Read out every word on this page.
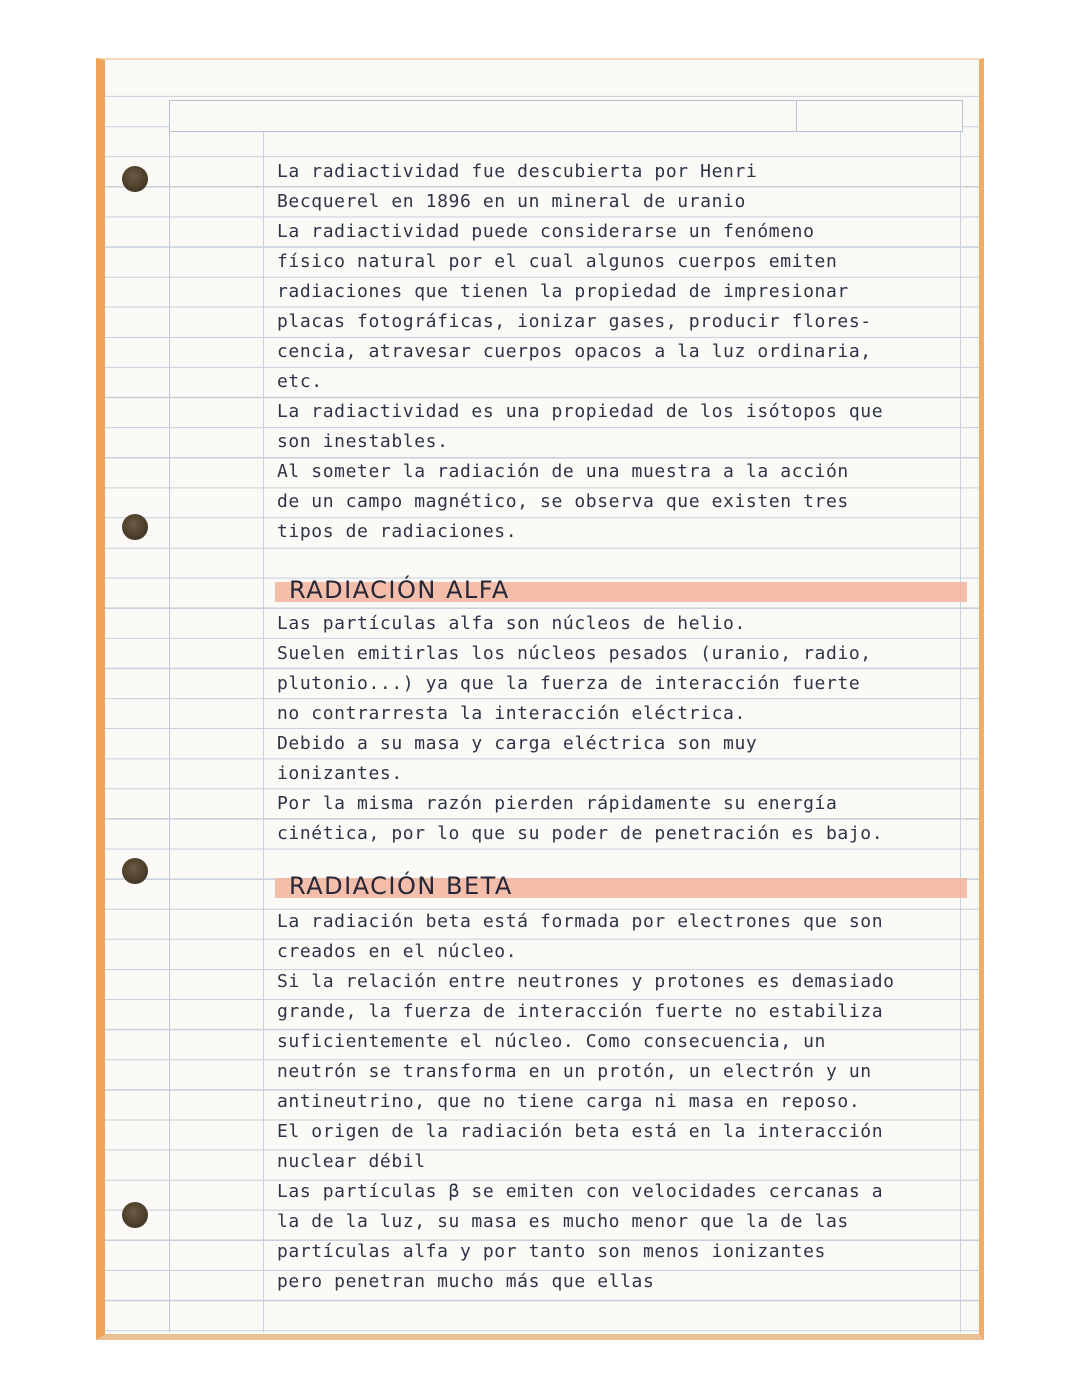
La radiactividad fue descubierta por Henri
Becquerel en 1896 en un mineral de uranio
La radiactividad puede considerarse un fenómeno
físico natural por el cual algunos cuerpos emiten
radiaciones que tienen la propiedad de impresionar
placas fotográficas, ionizar gases, producir flores-
cencia, atravesar cuerpos opacos a la luz ordinaria,
etc.
La radiactividad es una propiedad de los isótopos que
son inestables.
Al someter la radiación de una muestra a la acción
de un campo magnético, se observa que existen tres
tipos de radiaciones.
RADIACIÓN ALFA
Las partículas alfa son núcleos de helio.
Suelen emitirlas los núcleos pesados (uranio, radio,
plutonio...) ya que la fuerza de interacción fuerte
no contrarresta la interacción eléctrica.
Debido a su masa y carga eléctrica son muy
ionizantes.
Por la misma razón pierden rápidamente su energía
cinética, por lo que su poder de penetración es bajo.
RADIACIÓN BETA
La radiación beta está formada por electrones que son
creados en el núcleo.
Si la relación entre neutrones y protones es demasiado
grande, la fuerza de interacción fuerte no estabiliza
suficientemente el núcleo. Como consecuencia, un
neutrón se transforma en un protón, un electrón y un
antineutrino, que no tiene carga ni masa en reposo.
El origen de la radiación beta está en la interacción
nuclear débil
Las partículas β se emiten con velocidades cercanas a
la de la luz, su masa es mucho menor que la de las
partículas alfa y por tanto son menos ionizantes
pero penetran mucho más que ellas
